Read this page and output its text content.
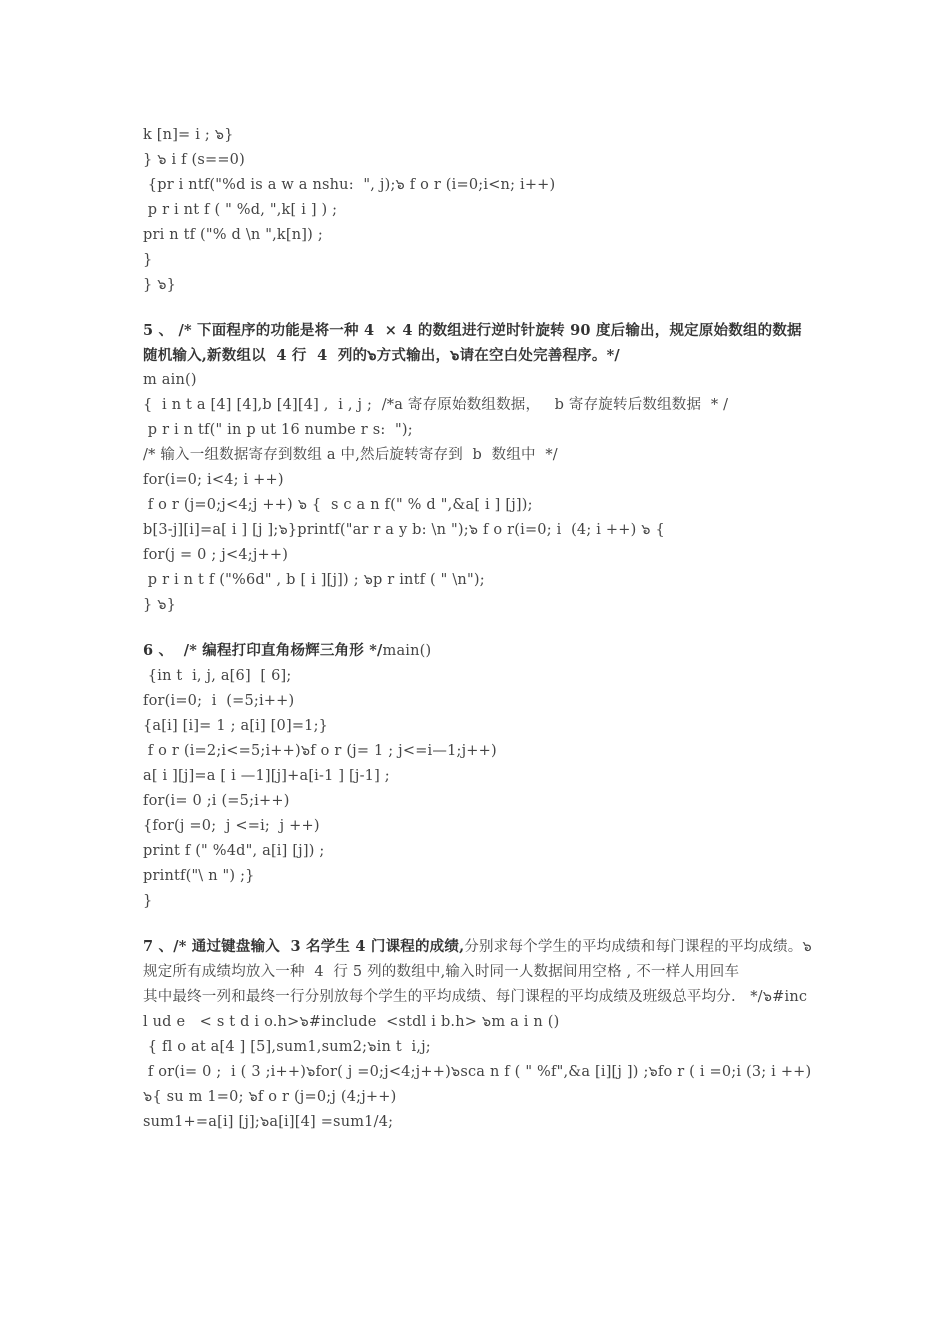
k [n]= i ; ๖}
} ๖ i f (s==0)
{pr i ntf("%d is a w a nshu:  ", j);๖ f o r (i=0;i<n; i++)
p r i nt f ( " %d, ",k[ i ] ) ;
pri n tf ("% d \n ",k[n]) ;
}
} ๖}
5 、 /* 下面程序的功能是将一种 4  × 4 的数组进行逆时针旋转 90 度后输出，规定原始数组的数据随机输入,新数组以  4 行  4  列的๖方式输出，๖请在空白处完善程序。*/
m ain()
{  i n t a [4] [4],b [4][4] ,  i , j ;  /*a 寄存原始数组数据，   b 寄存旋转后数组数据  * /
p r i n tf(" in p ut 16 numbe r s:  ");
/* 输入一组数据寄存到数组 a 中,然后旋转寄存到  b  数组中  */
for(i=0; i<4; i ++)
f o r (j=0;j<4;j ++) ๖ {  s c a n f(" % d ",&a[ i ] [j]);
b[3-j][i]=a[ i ] [j ];๖}printf("ar r a y b: \n ");๖ f o r(i=0; i  (4; i ++) ๖ {
for(j = 0 ; j<4;j++)
p r i n t f ("%6d" , b [ i ][j]) ; ๖p r intf ( " \n");
} ๖}
6 、  /* 编程打印直角杨辉三角形 */main()
{in t  i, j, a[6]  [ 6];
for(i=0;  i  (=5;i++)
{a[i] [i]= 1 ; a[i] [0]=1;}
f o r (i=2;i<=5;i++)๖f o r (j= 1 ; j<=i—1;j++)
a[ i ][j]=a [ i —1][j]+a[i-1 ] [j-1] ;
for(i= 0 ;i (=5;i++)
{for(j =0;  j <=i;  j ++)
print f (" %4d", a[i] [j]) ;
printf("\ n ") ;}
}
7 、/* 通过键盘输入  3 名学生 4 门课程的成绩,分别求每个学生的平均成绩和每门课程的平均成绩。๖规定所有成绩均放入一种  4  行 5 列的数组中,输入时同一人数据间用空格 , 不一样人用回车
其中最终一列和最终一行分别放每个学生的平均成绩、每门课程的平均成绩及班级总平均分.   */๖#inc l ud e   < s t d i o.h>๖#include  <stdl i b.h> ๖m a i n ()
{ fl o at a[4 ] [5],sum1,sum2;๖in t  i,j;
f or(i= 0 ;  i ( 3 ;i++)๖for( j =0;j<4;j++)๖sca n f ( " %f",&a [i][j ]) ;๖fo r ( i =0;i (3; i ++) ๖{ su m 1=0; ๖f o r (j=0;j (4;j++)
sum1+=a[i] [j];๖a[i][4] =sum1/4;
